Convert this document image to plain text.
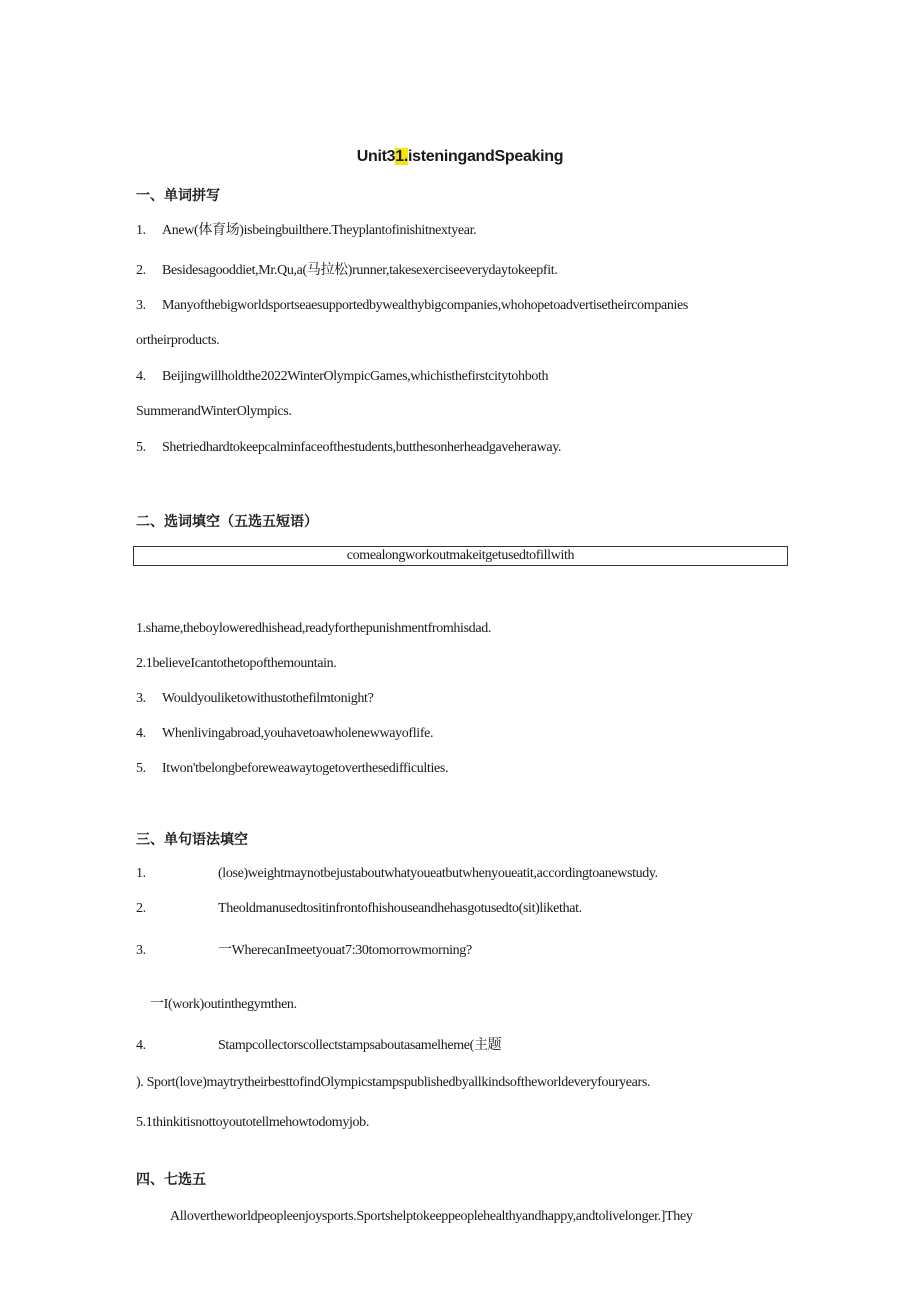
Unit31.isteningandSpeaking
一、单词拼写
1. Anew(体育场)isbeingbuilthere.Theyplantofinishitnextyear.
2. Besidesagooddiet,Mr.Qu,a(马拉松)runner,takesexerciseeverydaytokeepfit.
3. Manyofthebigworldsportseaesupportedbywealthybigcompanies,whohopetoadvertisetheircompanies
ortheirproducts.
4. Beijingwillholdthe2022WinterOlympicGames,whichisthefirstcitytohboth
SummerandWinterOlympics.
5. Shetriedhardtokeepcalminfaceofthestudents,butthesonherheadgaveheraway.
二、选词填空（五选五短语）
comealongworkoutmakeitgetusedtofillwith
1.shame,theboyloweredhishead,readyforthepunishmentfromhisdad.
2.1believeIcantothetopofthemountain.
3. Wouldyouliketowithustothefilmtonight?
4. Whenlivingabroad,youhavetoawholenewwayoflife.
5. Itwon'tbelongbeforeweawaytogetoverthesedifficulties.
三、单句语法填空
1.	(lose)weightmaynotbejustaboutwhatyoueatbutwhenyoueatit,accordingtoanewstudy.
2.	Theoldmanusedtositinfrontofhishouseandhehasgotusedto(sit)likethat.
3.	一WherecanImeetyouat7:30tomorrowmorning?
一I(work)outinthegymthen.
4.	Stampcollectorscollectstampsaboutasamelheme(主题
). Sport(love)maytrytheirbesttofindOlympicstampspublishedbyallkindsoftheworldeveryfouryears.
5.1thinkitisnottoyoutotellmehowtodomyjob.
四、七选五
Allovertheworldpeopleenjoysports.Sportshelptokeeppeoplehealthyandhappy,andtolivelonger.]They
